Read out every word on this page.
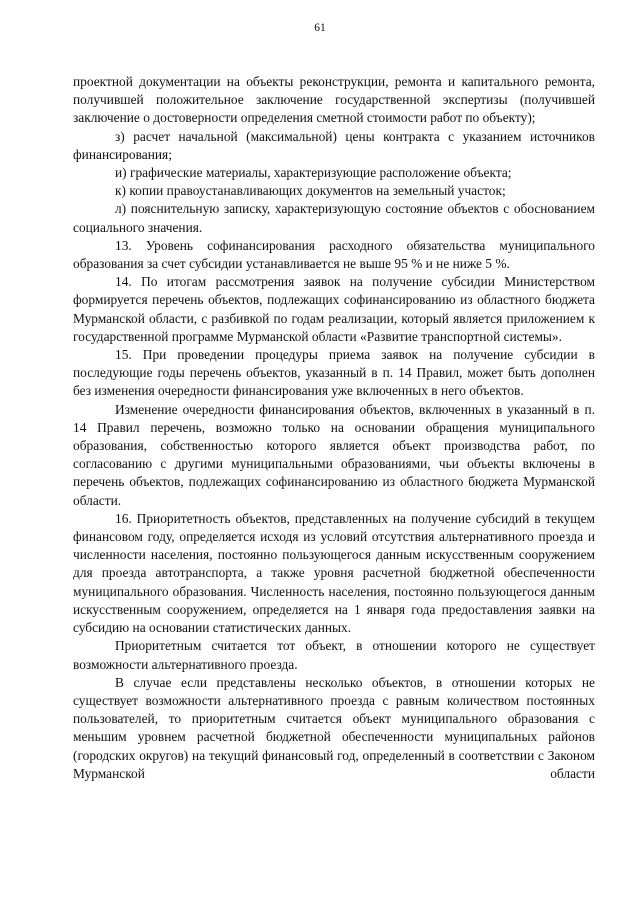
61

проектной документации на объекты реконструкции, ремонта и капитального ремонта, получившей положительное заключение государственной экспертизы (получившей заключение о достоверности определения сметной стоимости работ по объекту);

з) расчет начальной (максимальной) цены контракта с указанием источников финансирования;

и) графические материалы, характеризующие расположение объекта;

к) копии правоустанавливающих документов на земельный участок;

л) пояснительную записку, характеризующую состояние объектов с обоснованием социального значения.

13. Уровень софинансирования расходного обязательства муниципального образования за счет субсидии устанавливается не выше 95 % и не ниже 5 %.

14. По итогам рассмотрения заявок на получение субсидии Министерством формируется перечень объектов, подлежащих софинансированию из областного бюджета Мурманской области, с разбивкой по годам реализации, который является приложением к государственной программе Мурманской области «Развитие транспортной системы».

15. При проведении процедуры приема заявок на получение субсидии в последующие годы перечень объектов, указанный в п. 14 Правил, может быть дополнен без изменения очередности финансирования уже включенных в него объектов.

Изменение очередности финансирования объектов, включенных в указанный в п. 14 Правил перечень, возможно только на основании обращения муниципального образования, собственностью которого является объект производства работ, по согласованию с другими муниципальными образованиями, чьи объекты включены в перечень объектов, подлежащих софинансированию из областного бюджета Мурманской области.

16. Приоритетность объектов, представленных на получение субсидий в текущем финансовом году, определяется исходя из условий отсутствия альтернативного проезда и численности населения, постоянно пользующегося данным искусственным сооружением для проезда автотранспорта, а также уровня расчетной бюджетной обеспеченности муниципального образования. Численность населения, постоянно пользующегося данным искусственным сооружением, определяется на 1 января года предоставления заявки на субсидию на основании статистических данных.

Приоритетным считается тот объект, в отношении которого не существует возможности альтернативного проезда.

В случае если представлены несколько объектов, в отношении которых не существует возможности альтернативного проезда с равным количеством постоянных пользователей, то приоритетным считается объект муниципального образования с меньшим уровнем расчетной бюджетной обеспеченности муниципальных районов (городских округов) на текущий финансовый год, определенный в соответствии с Законом Мурманской области
